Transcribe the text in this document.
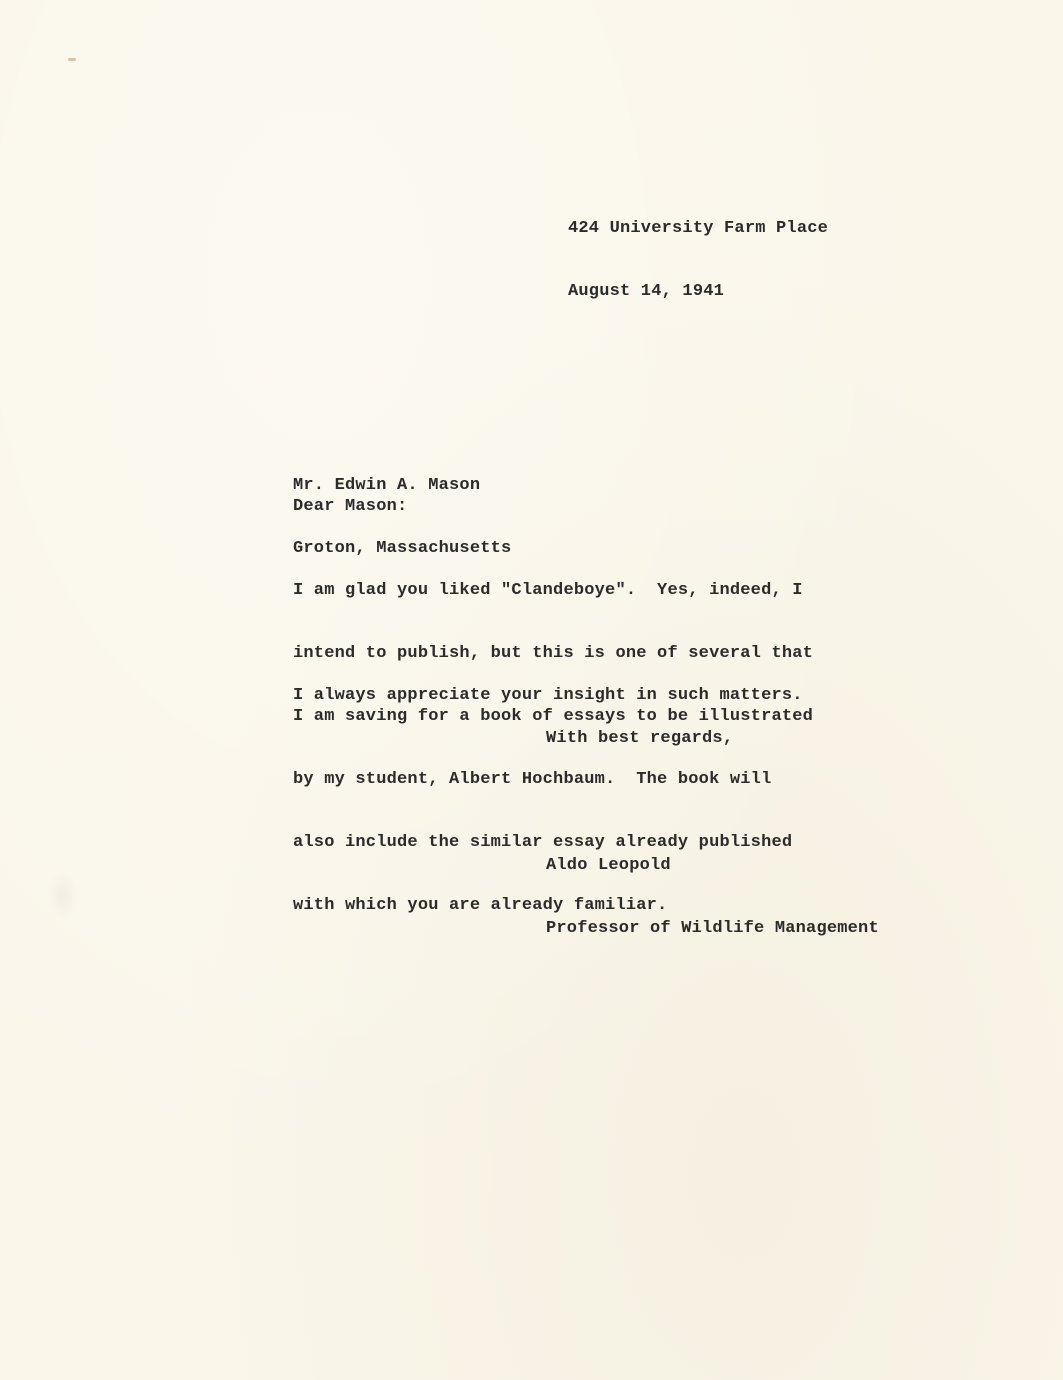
424 University Farm Place

August 14, 1941

Mr. Edwin A. Mason

Groton, Massachusetts

Dear Mason:

I am glad you liked "Clandeboye".  Yes, indeed, I

intend to publish, but this is one of several that

I am saving for a book of essays to be illustrated

by my student, Albert Hochbaum.  The book will

also include the similar essay already published

with which you are already familiar.

I always appreciate your insight in such matters.
With best regards,

Aldo Leopold

Professor of Wildlife Management
